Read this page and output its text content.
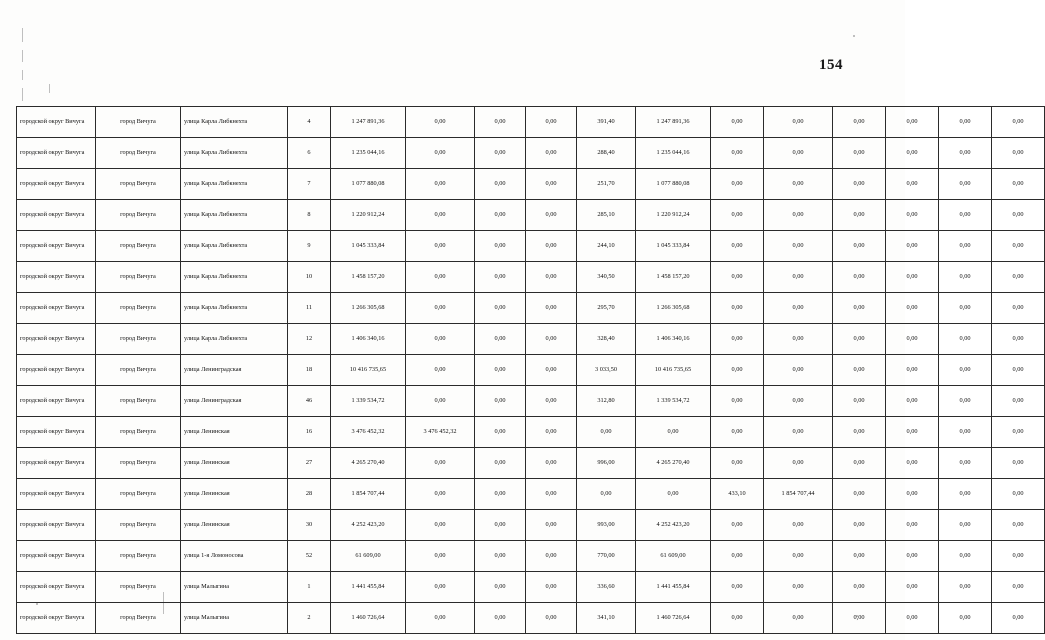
154
городской округ Вичуга	город Вичуга	улица Карла Либкнехта	4	1 247 891,36	0,00	0,00	0,00	391,40	1 247 891,36	0,00	0,00	0,00	0,00	0,00	0,00

городской округ Вичуга	город Вичуга	улица Карла Либкнехта	6	1 235 044,16	0,00	0,00	0,00	288,40	1 235 044,16	0,00	0,00	0,00	0,00	0,00	0,00

городской округ Вичуга	город Вичуга	улица Карла Либкнехта	7	1 077 880,08	0,00	0,00	0,00	251,70	1 077 880,08	0,00	0,00	0,00	0,00	0,00	0,00

городской округ Вичуга	город Вичуга	улица Карла Либкнехта	8	1 220 912,24	0,00	0,00	0,00	285,10	1 220 912,24	0,00	0,00	0,00	0,00	0,00	0,00

городской округ Вичуга	город Вичуга	улица Карла Либкнехта	9	1 045 333,84	0,00	0,00	0,00	244,10	1 045 333,84	0,00	0,00	0,00	0,00	0,00	0,00

городской округ Вичуга	город Вичуга	улица Карла Либкнехта	10	1 458 157,20	0,00	0,00	0,00	340,50	1 458 157,20	0,00	0,00	0,00	0,00	0,00	0,00

городской округ Вичуга	город Вичуга	улица Карла Либкнехта	11	1 266 305,68	0,00	0,00	0,00	295,70	1 266 305,68	0,00	0,00	0,00	0,00	0,00	0,00

городской округ Вичуга	город Вичуга	улица Карла Либкнехта	12	1 406 340,16	0,00	0,00	0,00	328,40	1 406 340,16	0,00	0,00	0,00	0,00	0,00	0,00

городской округ Вичуга	город Вичуга	улица Ленинградская	18	10 416 735,65	0,00	0,00	0,00	3 033,50	10 416 735,65	0,00	0,00	0,00	0,00	0,00	0,00

городской округ Вичуга	город Вичуга	улица Ленинградская	46	1 339 534,72	0,00	0,00	0,00	312,80	1 339 534,72	0,00	0,00	0,00	0,00	0,00	0,00

городской округ Вичуга	город Вичуга	улица Ленинская	16	3 476 452,32	3 476 452,32	0,00	0,00	0,00	0,00	0,00	0,00	0,00	0,00	0,00	0,00

городской округ Вичуга	город Вичуга	улица Ленинская	27	4 265 270,40	0,00	0,00	0,00	996,00	4 265 270,40	0,00	0,00	0,00	0,00	0,00	0,00

городской округ Вичуга	город Вичуга	улица Ленинская	28	1 854 707,44	0,00	0,00	0,00	0,00	0,00	433,10	1 854 707,44	0,00	0,00	0,00	0,00

городской округ Вичуга	город Вичуга	улица Ленинская	30	4 252 423,20	0,00	0,00	0,00	993,00	4 252 423,20	0,00	0,00	0,00	0,00	0,00	0,00

городской округ Вичуга	город Вичуга	улица 1-я Ломоносова	52	61 609,00	0,00	0,00	0,00	770,00	61 609,00	0,00	0,00	0,00	0,00	0,00	0,00

городской округ Вичуга	город Вичуга	улица Малыгина	1	1 441 455,84	0,00	0,00	0,00	336,60	1 441 455,84	0,00	0,00	0,00	0,00	0,00	0,00

городской округ Вичуга	город Вичуга	улица Малыгина	2	1 460 726,64	0,00	0,00	0,00	341,10	1 460 726,64	0,00	0,00	0,00	0,00	0,00	0,00
